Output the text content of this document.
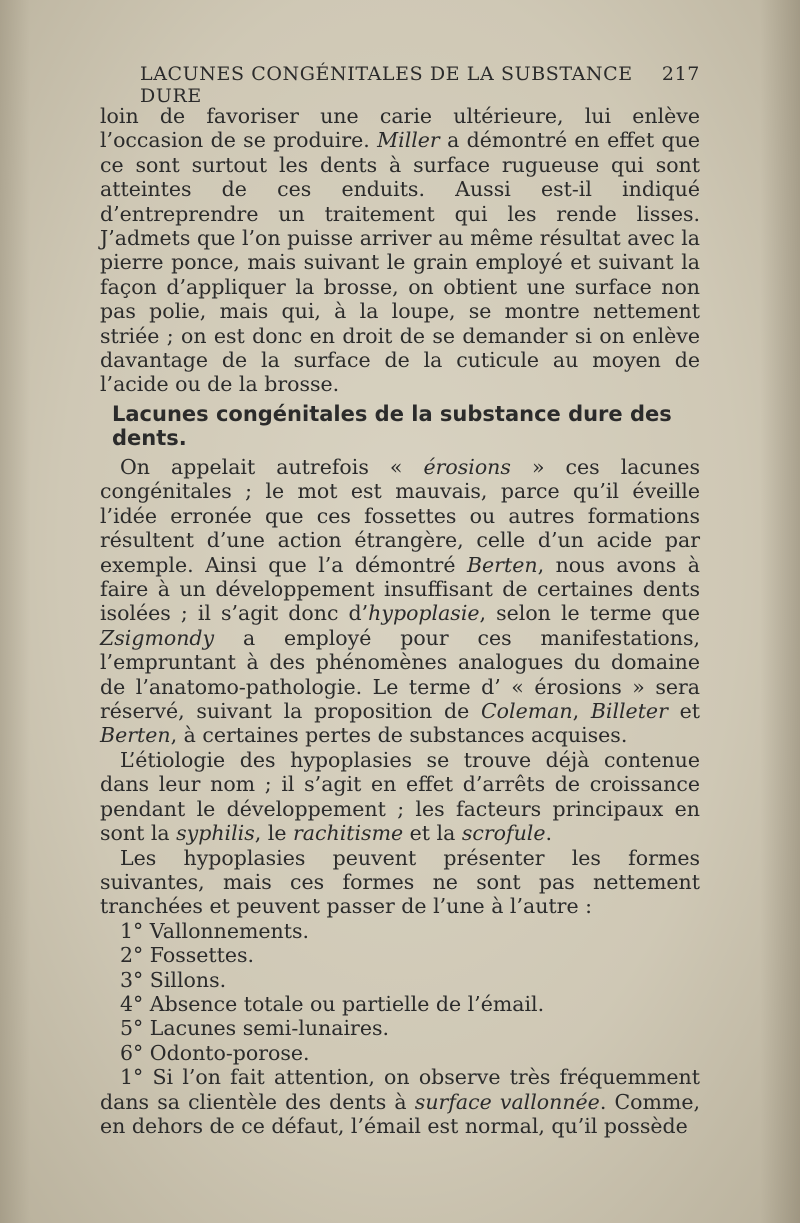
LACUNES CONGÉNITALES DE LA SUBSTANCE DURE
217

loin de favoriser une carie ultérieure, lui enlève l’occasion de se produire. Miller a démontré en effet que ce sont surtout les dents à surface rugueuse qui sont atteintes de ces enduits. Aussi est-il indiqué d’entreprendre un traitement qui les rende lisses. J’admets que l’on puisse arriver au même résultat avec la pierre ponce, mais suivant le grain employé et suivant la façon d’appliquer la brosse, on obtient une surface non pas polie, mais qui, à la loupe, se montre nettement striée ; on est donc en droit de se demander si on enlève davantage de la surface de la cuticule au moyen de l’acide ou de la brosse.

Lacunes congénitales de la substance dure des dents.

On appelait autrefois « érosions » ces lacunes congénitales ; le mot est mauvais, parce qu’il éveille l’idée erronée que ces fossettes ou autres formations résultent d’une action étrangère, celle d’un acide par exemple. Ainsi que l’a démontré Berten, nous avons à faire à un développement insuffisant de certaines dents isolées ; il s’agit donc d’hypoplasie, selon le terme que Zsigmondy a employé pour ces manifestations, l’empruntant à des phénomènes analogues du domaine de l’anatomo-pathologie. Le terme d’ « érosions » sera réservé, suivant la proposition de Coleman, Billeter et Berten, à certaines pertes de substances acquises.

L’étiologie des hypoplasies se trouve déjà contenue dans leur nom ; il s’agit en effet d’arrêts de croissance pendant le développement ; les facteurs principaux en sont la syphilis, le rachitisme et la scrofule.

Les hypoplasies peuvent présenter les formes suivantes, mais ces formes ne sont pas nettement tranchées et peuvent passer de l’une à l’autre :

1° Vallonnements.

2° Fossettes.

3° Sillons.

4° Absence totale ou partielle de l’émail.

5° Lacunes semi-lunaires.

6° Odonto-porose.

1° Si l’on fait attention, on observe très fréquemment dans sa clientèle des dents à surface vallonnée. Comme, en dehors de ce défaut, l’émail est normal, qu’il possède
